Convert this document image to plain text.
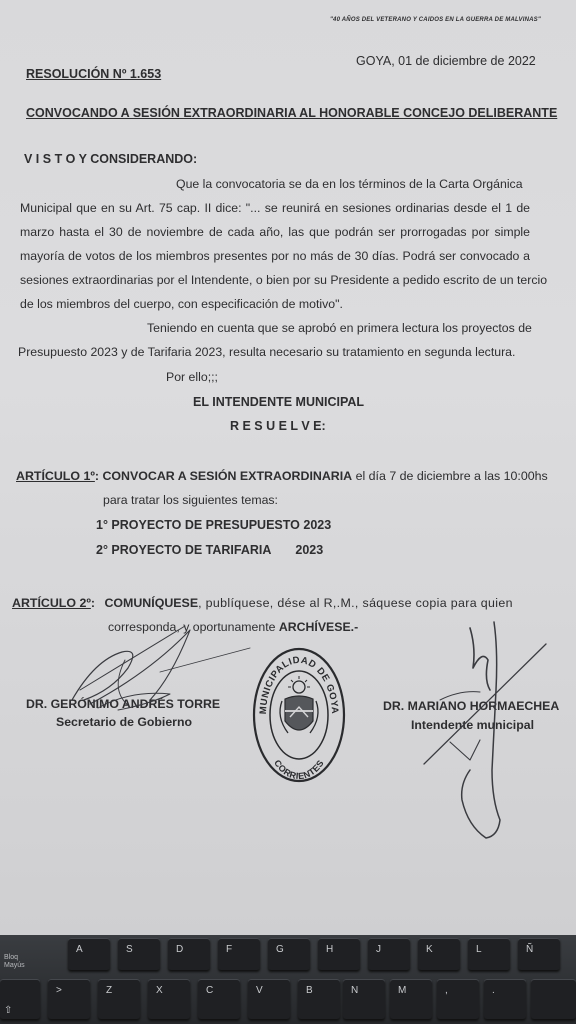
"40 AÑOS DEL VETERANO Y CAIDOS EN LA GUERRA DE MALVINAS"
GOYA, 01 de diciembre de 2022
RESOLUCIÓN Nº 1.653
CONVOCANDO A SESIÓN EXTRAORDINARIA AL HONORABLE CONCEJO DELIBERANTE
V I S T O Y CONSIDERANDO:
Que la convocatoria se da en los términos de la Carta Orgánica
Municipal que en su Art. 75 cap. II dice: "... se reunirá en sesiones ordinarias desde el 1 de
marzo hasta el 30 de noviembre de cada año, las que podrán ser prorrogadas por simple
mayoría de votos de los miembros presentes por no más de 30 días. Podrá ser convocado a
sesiones extraordinarias por el Intendente, o bien por su Presidente a pedido escrito de un tercio
de los miembros del cuerpo, con especificación de motivo".
Teniendo en cuenta que se aprobó en primera lectura los proyectos de
Presupuesto 2023 y de Tarifaria 2023, resulta necesario su tratamiento en segunda lectura.
Por ello;;;
EL INTENDENTE MUNICIPAL
R E S U E L V E:
ARTÍCULO 1º: CONVOCAR A SESIÓN EXTRAORDINARIA el día 7 de diciembre a las 10:00hs
para tratar los siguientes temas:
1° PROYECTO DE PRESUPUESTO 2023
2° PROYECTO DE TARIFARIA 2023
ARTÍCULO 2º: COMUNÍQUESE, publíquese, dése al R,.M., sáquese copia para quien
corresponda, y oportunamente ARCHÍVESE.-
DR. GERÓNIMO ANDRÉS TORRE
Secretario de Gobierno
DR. MARIANO HORMAECHEA
Intendente municipal
MUNICIPALIDAD DE GOYA
CORRIENTES
Bloq
Mayús
A	S	D	F	G	H	J	K	L	Ñ
⇧
>	Z	X	C	V	B	N	M	,	.
